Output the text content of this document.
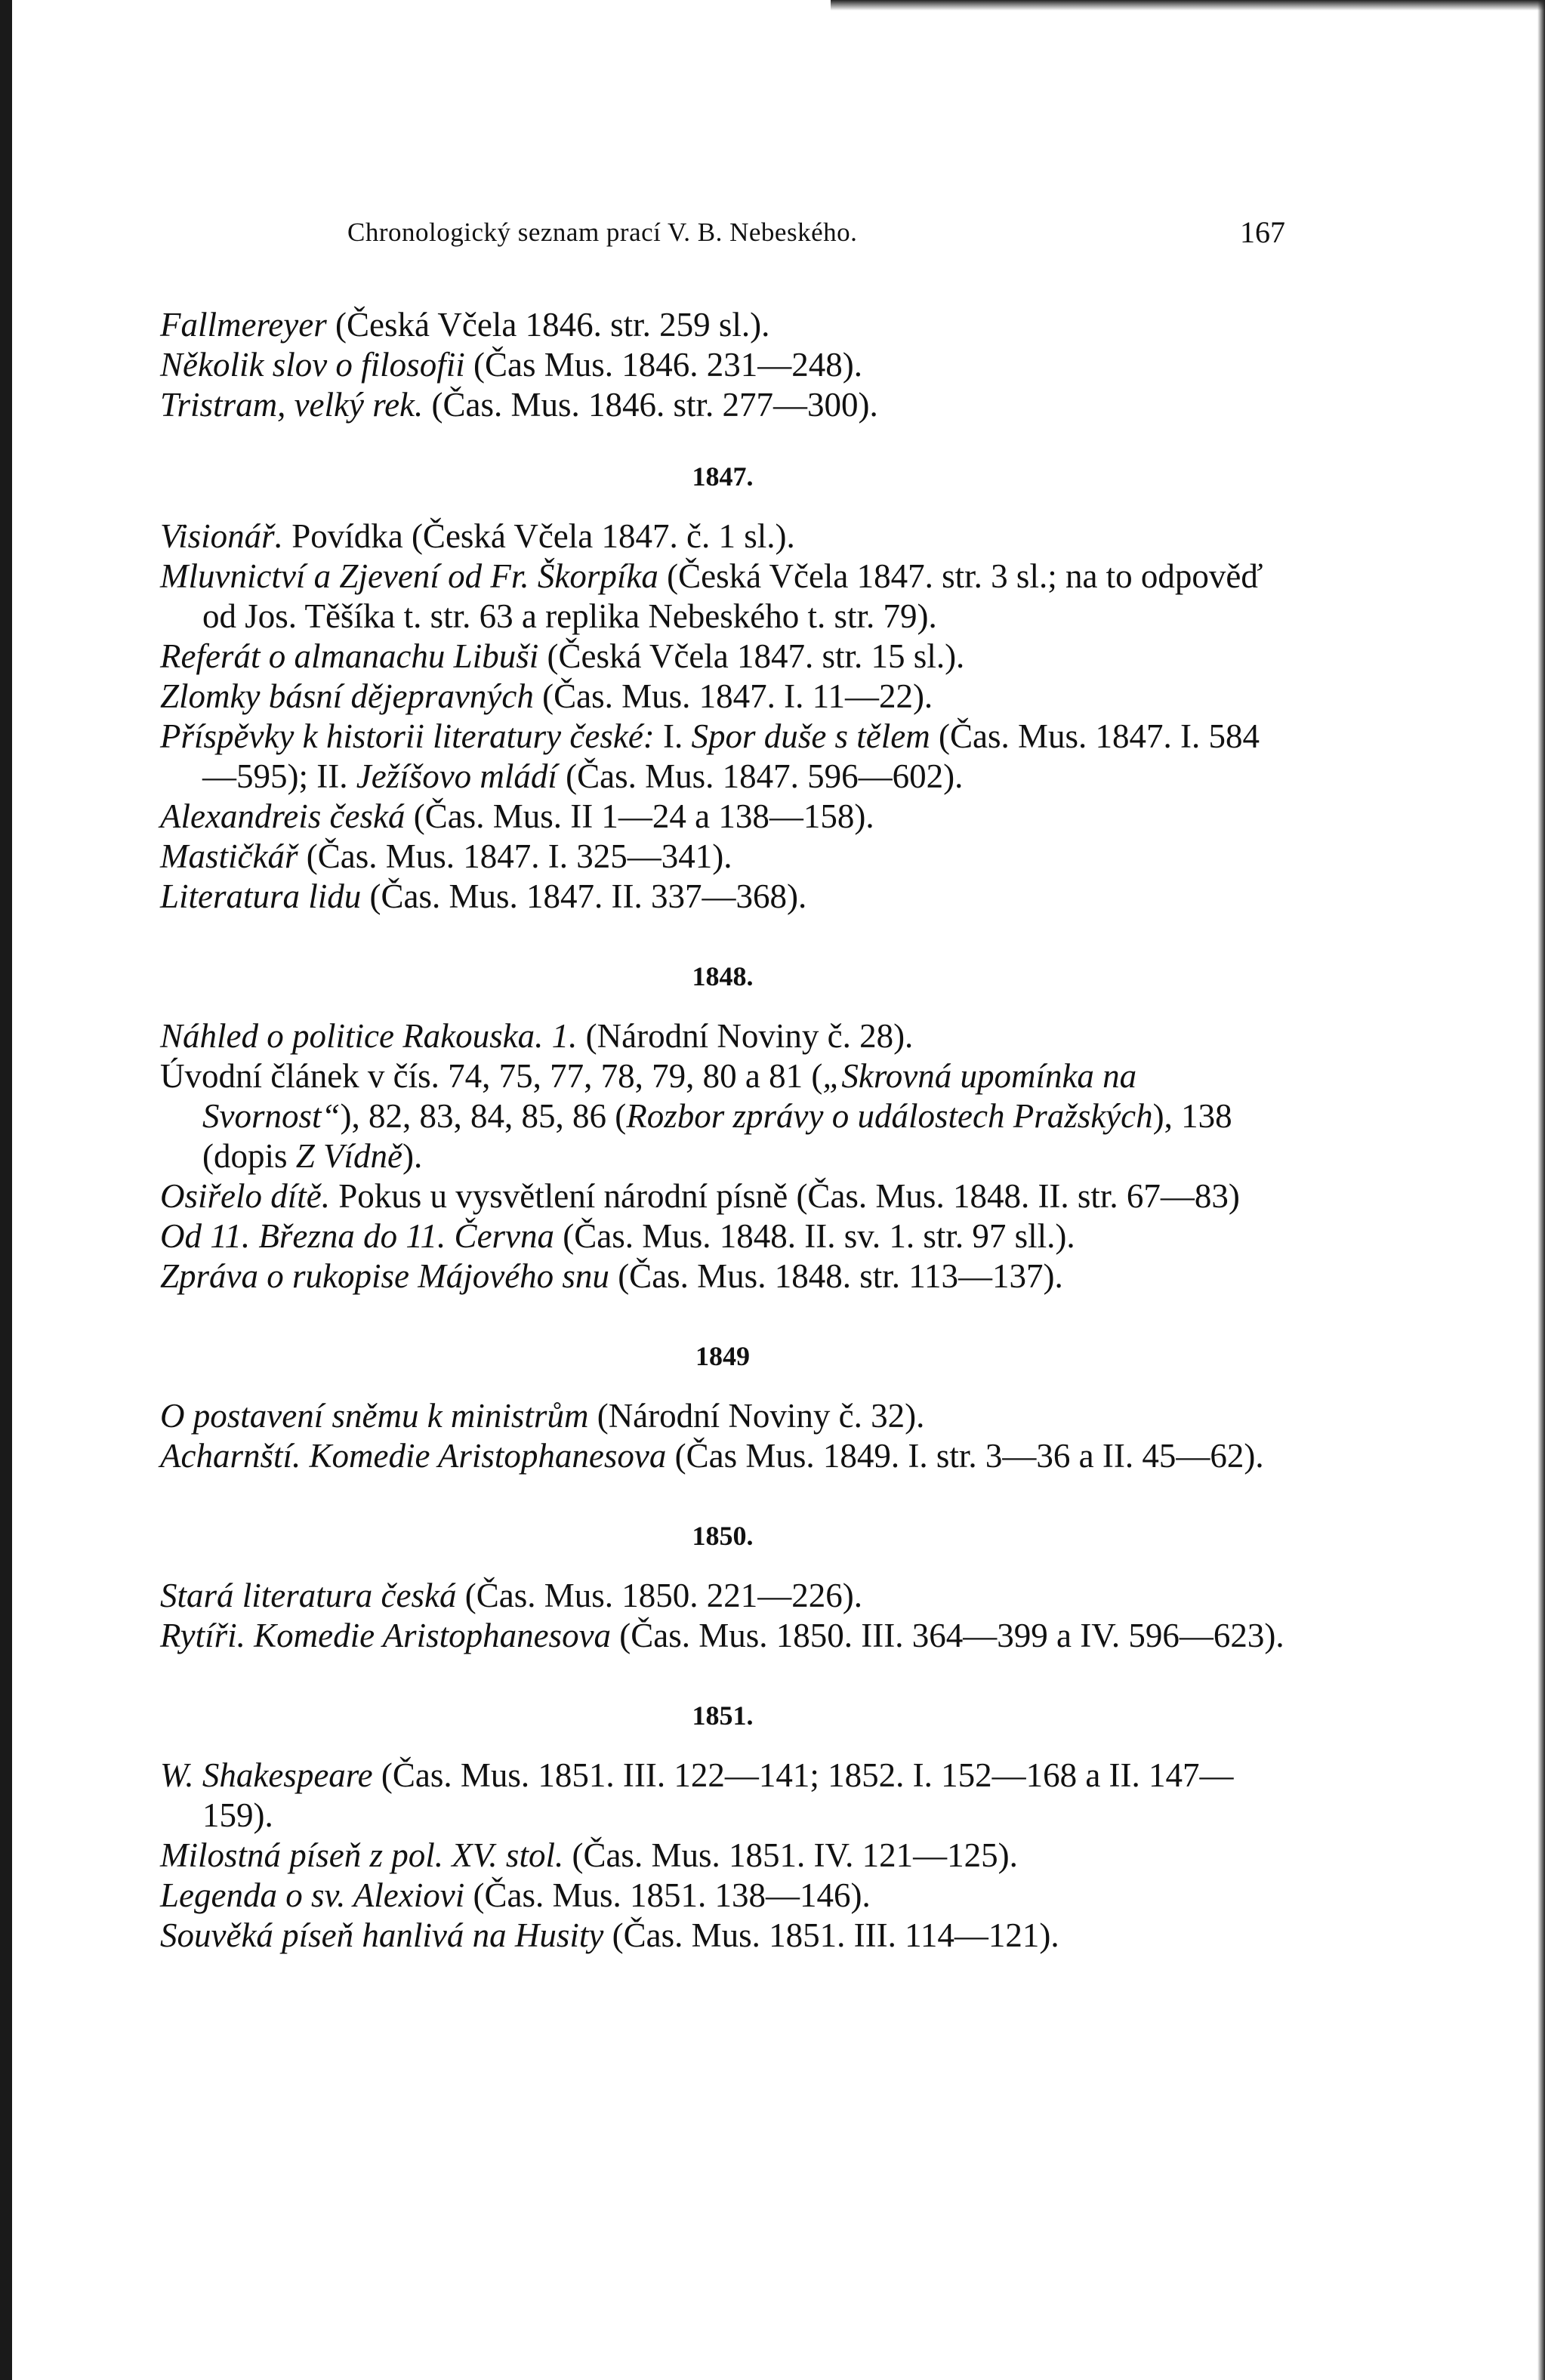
Chronologický seznam prací V. B. Nebeského.	167

Fallmereyer (Česká Včela 1846. str. 259 sl.).

Několik slov o filosofii (Čas Mus. 1846. 231—248).

Tristram, velký rek. (Čas. Mus. 1846. str. 277—300).

1847.

Visionář. Povídka (Česká Včela 1847. č. 1 sl.).

Mluvnictví a Zjevení od Fr. Škorpíka (Česká Včela 1847. str. 3 sl.; na to odpověď od Jos. Těšíka t. str. 63 a replika Nebeského t. str. 79).

Referát o almanachu Libuši (Česká Včela 1847. str. 15 sl.).

Zlomky básní dějepravných (Čas. Mus. 1847. I. 11—22).

Příspěvky k historii literatury české: I. Spor duše s tělem (Čas. Mus. 1847. I. 584—595); II. Ježíšovo mládí (Čas. Mus. 1847. 596—602).

Alexandreis česká (Čas. Mus. II 1—24 a 138—158).

Mastičkář (Čas. Mus. 1847. I. 325—341).

Literatura lidu (Čas. Mus. 1847. II. 337—368).

1848.

Náhled o politice Rakouska. 1. (Národní Noviny č. 28).

Úvodní článek v čís. 74, 75, 77, 78, 79, 80 a 81 („Skrovná upomínka na Svornost“), 82, 83, 84, 85, 86 (Rozbor zprávy o událostech Pražských), 138 (dopis Z Vídně).

Osiřelo dítě. Pokus u vysvětlení národní písně (Čas. Mus. 1848. II. str. 67—83)

Od 11. Března do 11. Června (Čas. Mus. 1848. II. sv. 1. str. 97 sll.).

Zpráva o rukopise Májového snu (Čas. Mus. 1848. str. 113—137).

1849

O postavení sněmu k ministrům (Národní Noviny č. 32).

Acharnští. Komedie Aristophanesova (Čas Mus. 1849. I. str. 3—36 a II. 45—62).

1850.

Stará literatura česká (Čas. Mus. 1850. 221—226).

Rytíři. Komedie Aristophanesova (Čas. Mus. 1850. III. 364—399 a IV. 596—623).

1851.

W. Shakespeare (Čas. Mus. 1851. III. 122—141; 1852. I. 152—168 a II. 147—159).

Milostná píseň z pol. XV. stol. (Čas. Mus. 1851. IV. 121—125).

Legenda o sv. Alexiovi (Čas. Mus. 1851. 138—146).

Souvěká píseň hanlivá na Husity (Čas. Mus. 1851. III. 114—121).
